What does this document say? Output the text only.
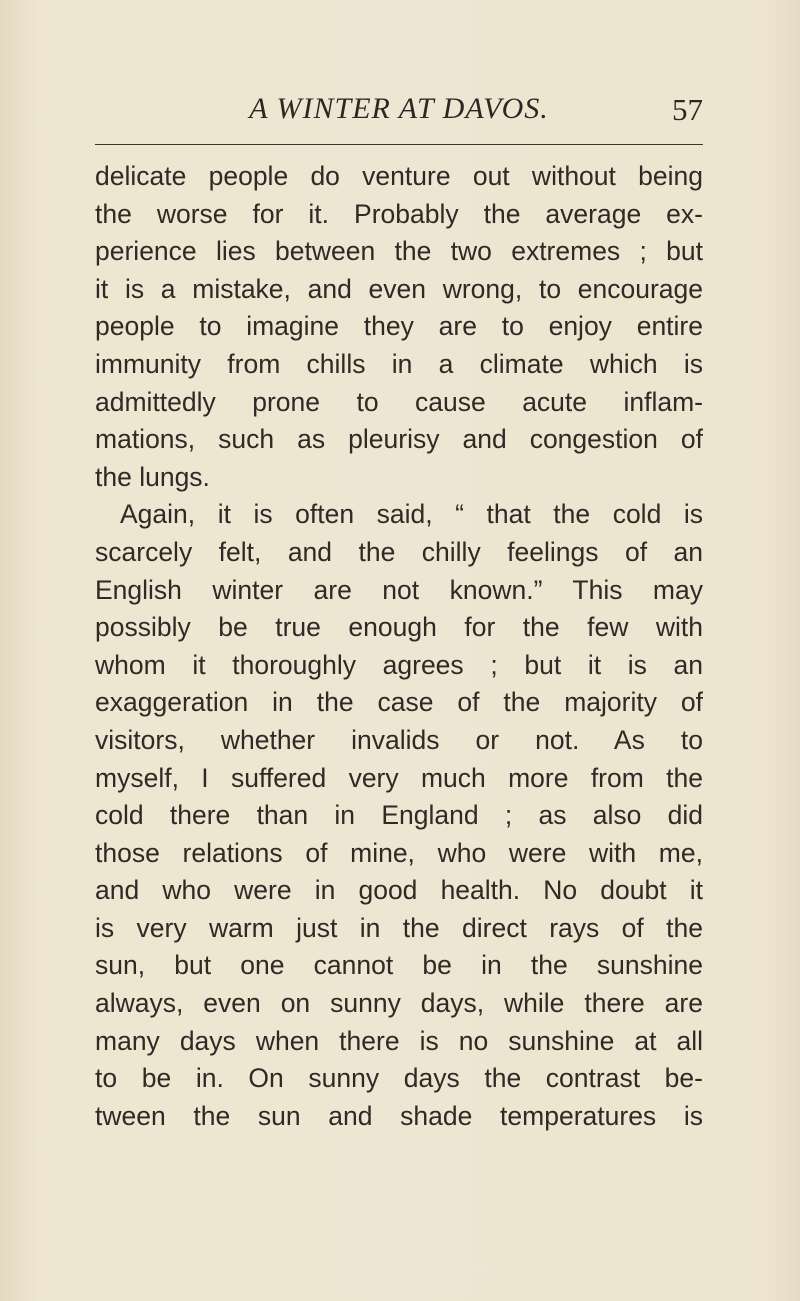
A WINTER AT DAVOS.	57
delicate people do venture out without being
the worse for it. Probably the average ex-
perience lies between the two extremes ; but
it is a mistake, and even wrong, to encourage
people to imagine they are to enjoy entire
immunity from chills in a climate which is
admittedly prone to cause acute inflam-
mations, such as pleurisy and congestion of
the lungs.
Again, it is often said, “ that the cold is
scarcely felt, and the chilly feelings of an
English winter are not known.” This may
possibly be true enough for the few with
whom it thoroughly agrees ; but it is an
exaggeration in the case of the majority of
visitors, whether invalids or not. As to
myself, I suffered very much more from the
cold there than in England ; as also did
those relations of mine, who were with me,
and who were in good health. No doubt it
is very warm just in the direct rays of the
sun, but one cannot be in the sunshine
always, even on sunny days, while there are
many days when there is no sunshine at all
to be in. On sunny days the contrast be-
tween the sun and shade temperatures is
